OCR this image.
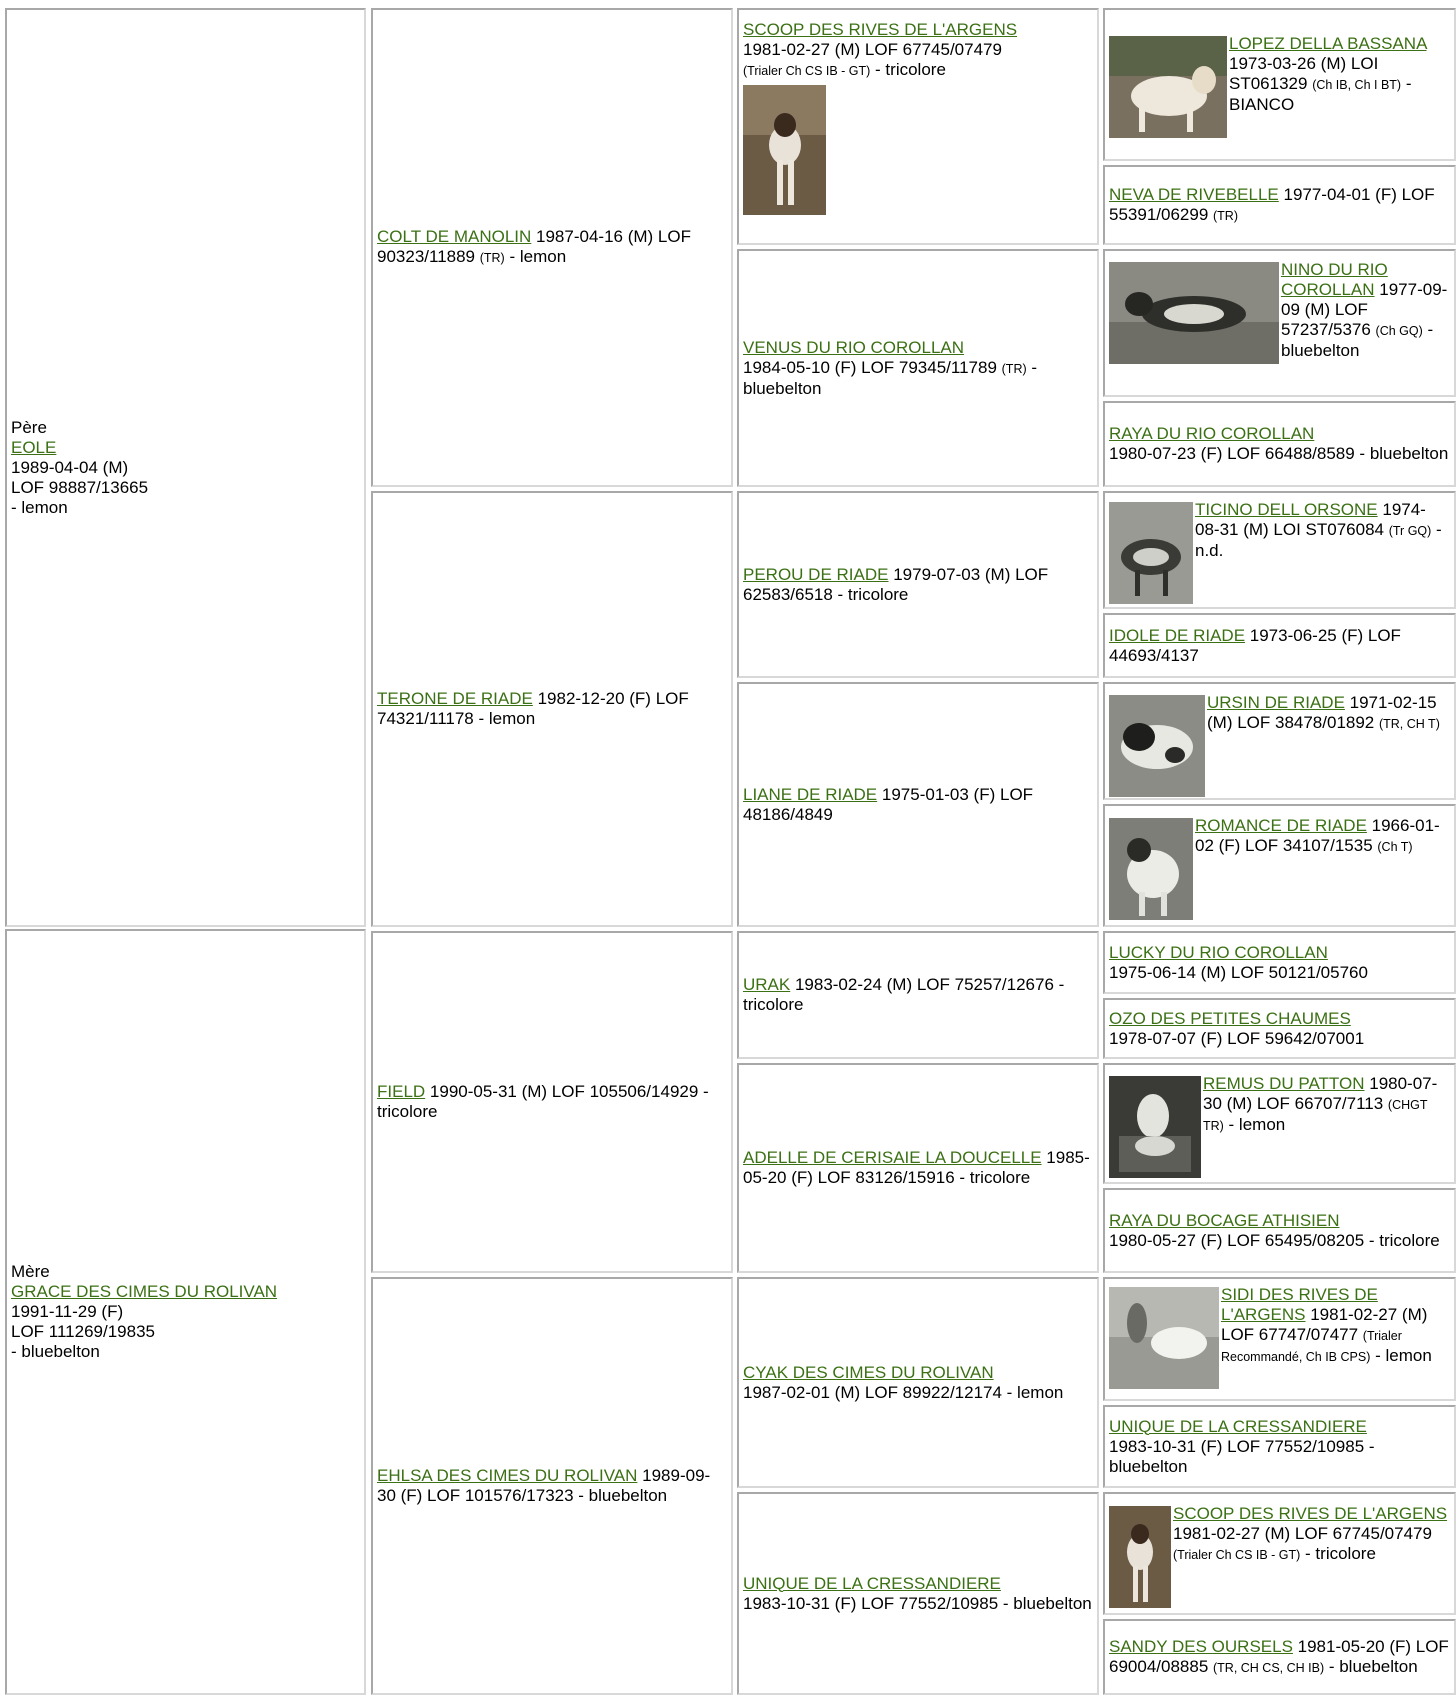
Père
EOLE
1989-04-04 (M)
LOF 98887/13665
- lemon
Mère
GRACE DES CIMES DU ROLIVAN
1991-11-29 (F)
LOF 111269/19835
- bluebelton
COLT DE MANOLIN 1987-04-16 (M) LOF 90323/11889 (TR) - lemon
TERONE DE RIADE 1982-12-20 (F) LOF 74321/11178 - lemon
FIELD 1990-05-31 (M) LOF 105506/14929 - tricolore
EHLSA DES CIMES DU ROLIVAN 1989-09-30 (F) LOF 101576/17323 - bluebelton
SCOOP DES RIVES DE L'ARGENS
1981-02-27 (M) LOF 67745/07479
(Trialer Ch CS IB - GT) - tricolore
VENUS DU RIO COROLLAN
1984-05-10 (F) LOF 79345/11789 (TR) - bluebelton
PEROU DE RIADE 1979-07-03 (M) LOF 62583/6518 - tricolore
LIANE DE RIADE 1975-01-03 (F) LOF 48186/4849
URAK 1983-02-24 (M) LOF 75257/12676 - tricolore
ADELLE DE CERISAIE LA DOUCELLE 1985-05-20 (F) LOF 83126/15916 - tricolore
CYAK DES CIMES DU ROLIVAN
1987-02-01 (M) LOF 89922/12174 - lemon
UNIQUE DE LA CRESSANDIERE
1983-10-31 (F) LOF 77552/10985 - bluebelton
LOPEZ DELLA BASSANA 1973-03-26 (M) LOI ST061329 (Ch IB, Ch I BT) - BIANCO
NEVA DE RIVEBELLE 1977-04-01 (F) LOF 55391/06299 (TR)
NINO DU RIO COROLLAN 1977-09-09 (M) LOF 57237/5376 (Ch GQ) - bluebelton
RAYA DU RIO COROLLAN
1980-07-23 (F) LOF 66488/8589 - bluebelton
TICINO DELL ORSONE 1974-08-31 (M) LOI ST076084 (Tr GQ) - n.d.
IDOLE DE RIADE 1973-06-25 (F) LOF 44693/4137
URSIN DE RIADE 1971-02-15 (M) LOF 38478/01892 (TR, CH T)
ROMANCE DE RIADE 1966-01-02 (F) LOF 34107/1535 (Ch T)
LUCKY DU RIO COROLLAN
1975-06-14 (M) LOF 50121/05760
OZO DES PETITES CHAUMES
1978-07-07 (F) LOF 59642/07001
REMUS DU PATTON 1980-07-30 (M) LOF 66707/7113 (CHGT TR) - lemon
RAYA DU BOCAGE ATHISIEN
1980-05-27 (F) LOF 65495/08205 - tricolore
SIDI DES RIVES DE L'ARGENS 1981-02-27 (M) LOF 67747/07477 (Trialer Recommandé, Ch IB CPS) - lemon
UNIQUE DE LA CRESSANDIERE
1983-10-31 (F) LOF 77552/10985 - bluebelton
SCOOP DES RIVES DE L'ARGENS 1981-02-27 (M) LOF 67745/07479 (Trialer Ch CS IB - GT) - tricolore
SANDY DES OURSELS 1981-05-20 (F) LOF 69004/08885 (TR, CH CS, CH IB) - bluebelton
